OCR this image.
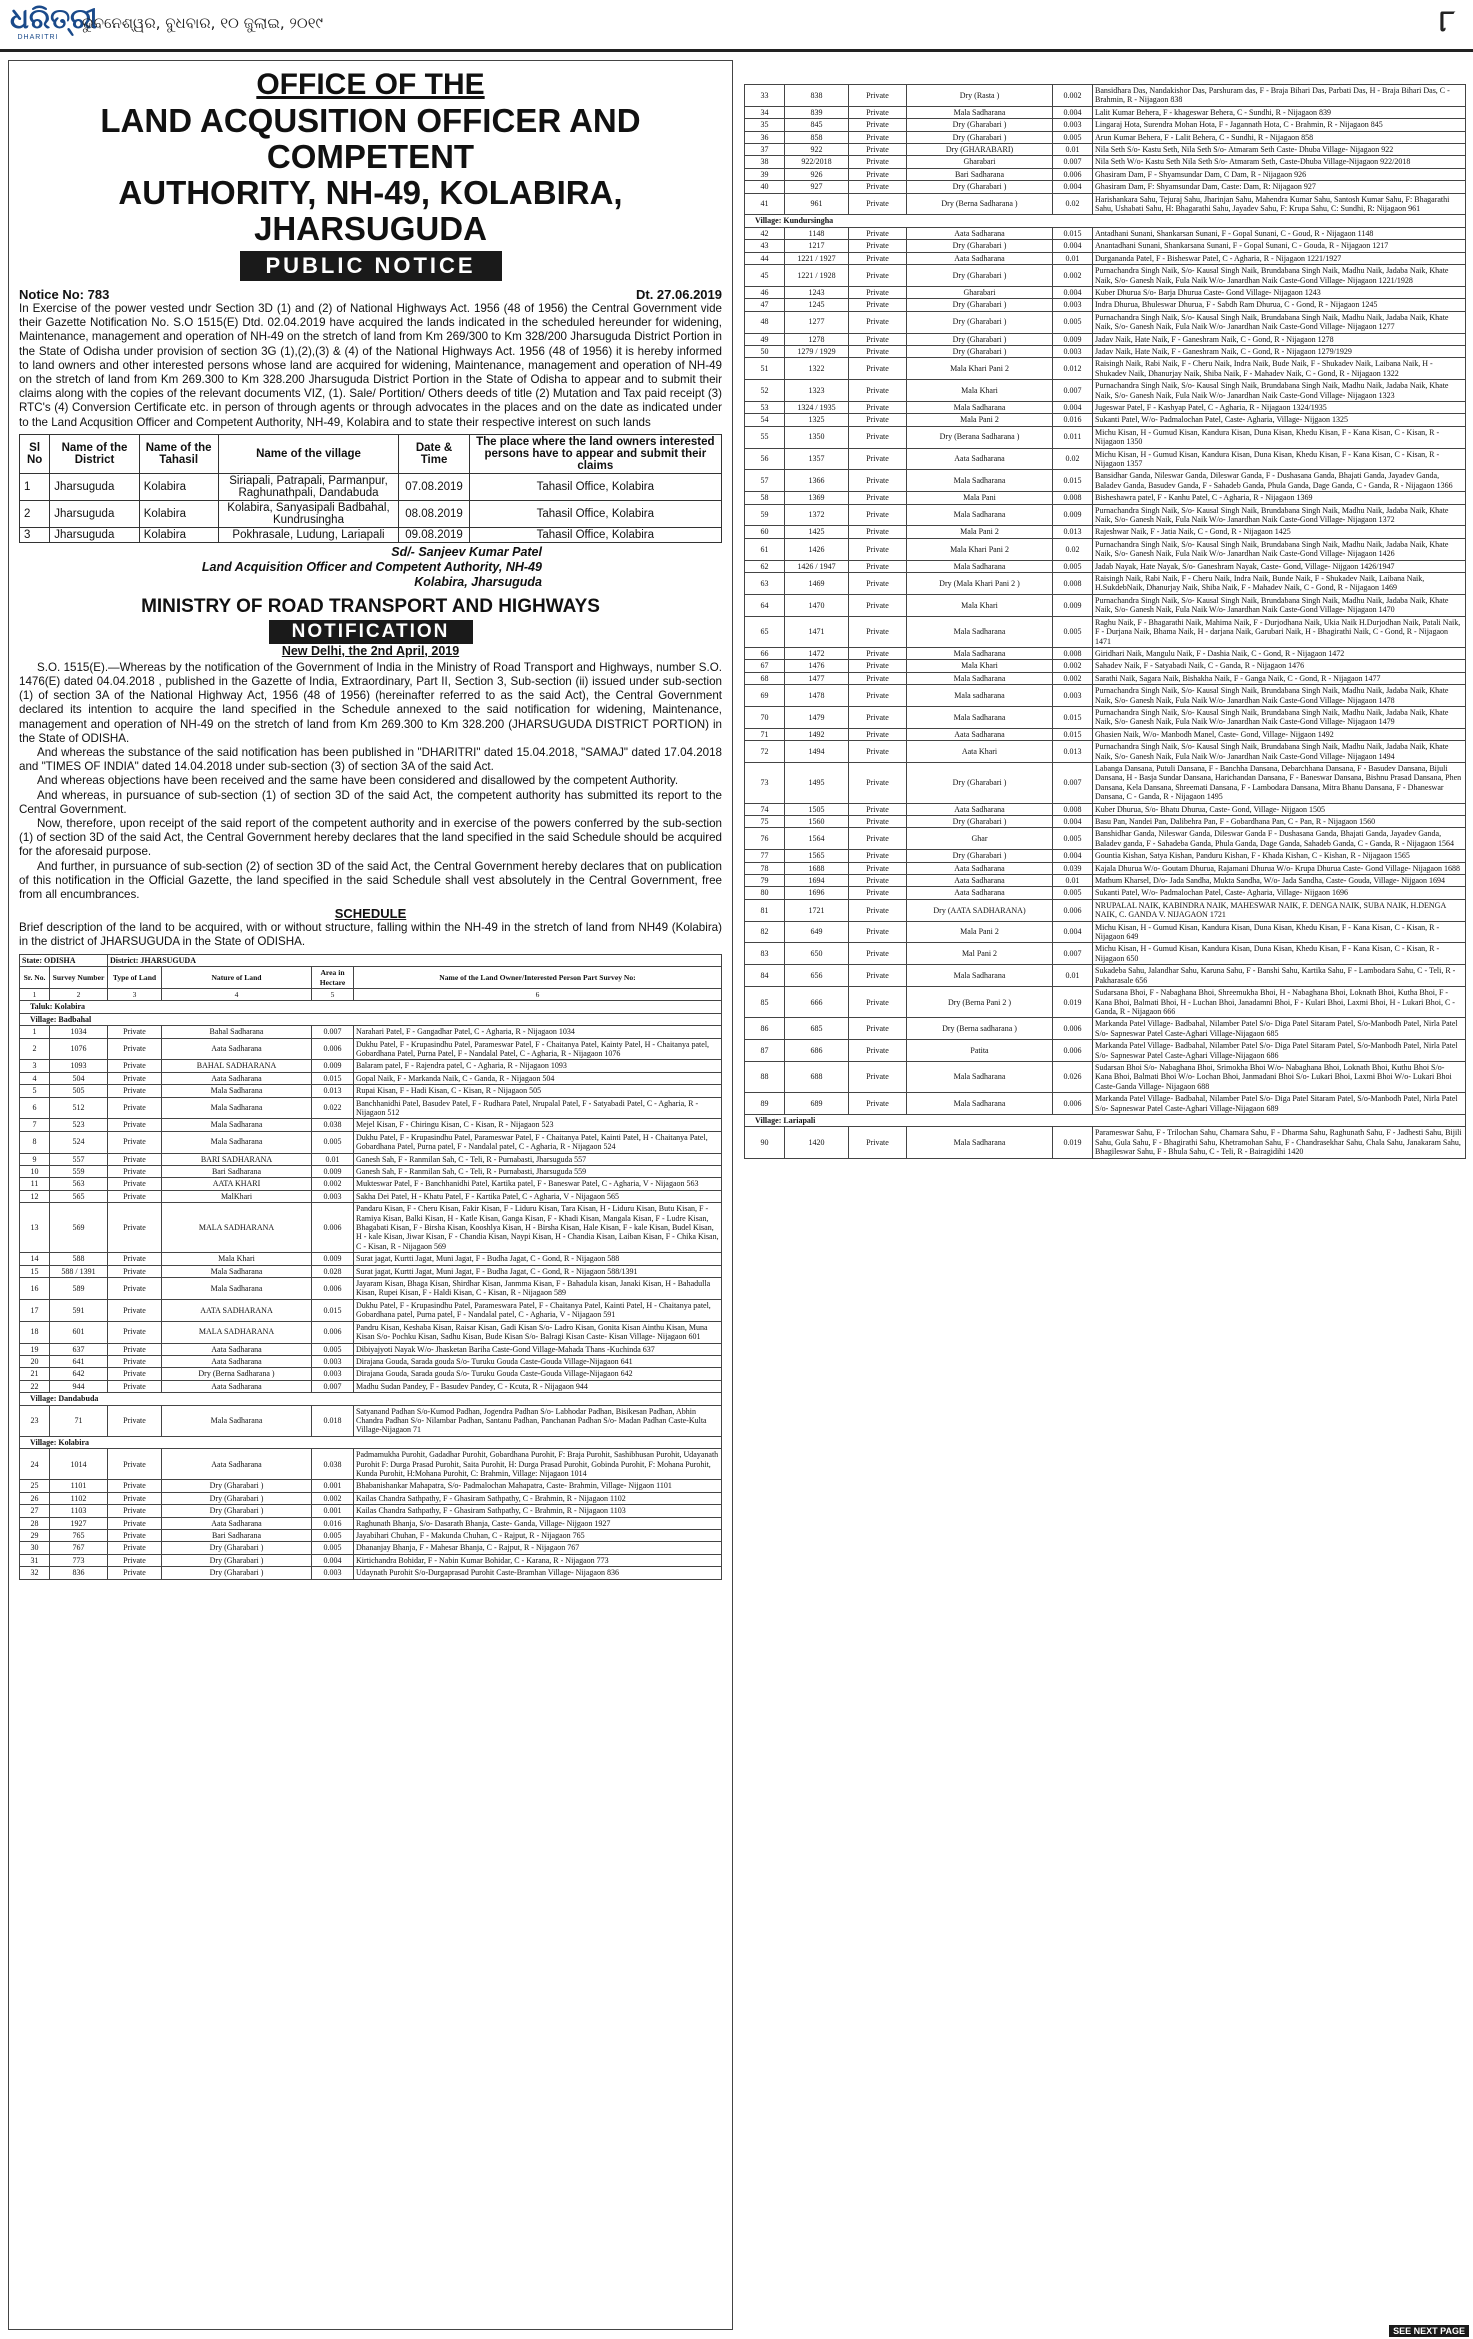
ଧରିତ୍ରୀ
DHARITRI
ଭୁବନେଶ୍ୱର, ବୁଧବାର, ୧୦ ଜୁଲାଇ, ୨୦୧୯	୮
OFFICE OF THE
LAND ACQUSITION OFFICER AND COMPETENT
AUTHORITY, NH-49, KOLABIRA, JHARSUGUDA
PUBLIC NOTICE
Notice No: 783	Dt. 27.06.2019
In Exercise of the power vested undr Section 3D (1) and (2) of National Highways Act. 1956 (48 of 1956) the Central Government vide their Gazette Notification No. S.O 1515(E) Dtd. 02.04.2019 have acquired the lands indicated in the scheduled hereunder for widening, Maintenance, management and operation of NH-49 on the stretch of land from Km 269/300 to Km 328/200 Jharsuguda District Portion in the State of Odisha under provision of section 3G (1),(2),(3) & (4) of the National Highways Act. 1956 (48 of 1956) it is hereby informed to land owners and other interested persons whose land are acquired for widening, Maintenance, management and operation of NH-49 on the stretch of land from Km 269.300 to Km 328.200 Jharsuguda District Portion in the State of Odisha to appear and to submit their claims along with the copies of the relevant documents VIZ, (1). Sale/ Portition/ Others deeds of title (2) Mutation and Tax paid receipt (3) RTC's (4) Conversion Certificate etc. in person of through agents or through advocates in the places and on the date as indicated under to the Land Acqusition Officer and Competent Authority, NH-49, Kolabira and to state their respective interest on such lands
Sl No	Name of the District	Name of the Tahasil	Name of the village	Date & Time	The place where the land owners interested persons have to appear and submit their claims
1	Jharsuguda	Kolabira	Siriapali, Patrapali, Parmanpur, Raghunathpali, Dandabuda	07.08.2019	Tahasil Office, Kolabira
2	Jharsuguda	Kolabira	Kolabira, Sanyasipali Badbahal, Kundrusingha	08.08.2019	Tahasil Office, Kolabira
3	Jharsuguda	Kolabira	Pokhrasale, Ludung, Lariapali	09.08.2019	Tahasil Office, Kolabira
Sd/- Sanjeev Kumar Patel
Land Acquisition Officer and Competent Authority, NH-49
Kolabira, Jharsuguda
MINISTRY OF ROAD TRANSPORT AND HIGHWAYS
NOTIFICATION
New Delhi, the 2nd April, 2019
S.O. 1515(E).—Whereas by the notification of the Government of India in the Ministry of Road Transport and Highways, number S.O. 1476(E) dated 04.04.2018 , published in the Gazette of India, Extraordinary, Part II, Section 3, Sub-section (ii) issued under sub-section (1) of section 3A of the National Highway Act, 1956 (48 of 1956) (hereinafter referred to as the said Act), the Central Government declared its intention to acquire the land specified in the Schedule annexed to the said notification for widening, Maintenance, management and operation of NH-49 on the stretch of land from Km 269.300 to Km 328.200 (JHARSUGUDA DISTRICT PORTION) in the State of ODISHA.
And whereas the substance of the said notification has been published in "DHARITRI" dated 15.04.2018, "SAMAJ" dated 17.04.2018 and "TIMES OF INDIA" dated 14.04.2018 under sub-section (3) of section 3A of the said Act.
And whereas objections have been received and the same have been considered and disallowed by the competent Authority.
And whereas, in pursuance of sub-section (1) of section 3D of the said Act, the competent authority has submitted its report to the Central Government.
Now, therefore, upon receipt of the said report of the competent authority and in exercise of the powers conferred by the sub-section (1) of section 3D of the said Act, the Central Government hereby declares that the land specified in the said Schedule should be acquired for the aforesaid purpose.
And further, in pursuance of sub-section (2) of section 3D of the said Act, the Central Government hereby declares that on publication of this notification in the Official Gazette, the land specified in the said Schedule shall vest absolutely in the Central Government, free from all encumbrances.
SCHEDULE
Brief description of the land to be acquired, with or without structure, falling within the NH-49 in the stretch of land from NH49 (Kolabira) in the district of JHARSUGUDA in the State of ODISHA.
State: ODISHA		District: JHARSUGUDA			
Sr. No.	Survey Number	Type of Land	Nature of Land	Area in Hectare	Name of the Land Owner/Interested Person Part Survey No:
1	2	3	4	5	6
Taluk: Kolabira					
Village: Badbahal					
1	1034	Private	Bahal Sadharana	0.007	Narahari Patel, F - Gangadhar Patel, C - Agharia, R - Nijagaon 1034
2	1076	Private	Aata Sadharana	0.006	Dukhu Patel, F - Krupasindhu Patel, Parameswar Patel, F - Chaitanya Patel, Kainty Patel, H - Chaitanya patel, Gobardhana Patel, Purna Patel, F - Nandalal Patel, C - Agharia, R - Nijagaon 1076
3	1093	Private	BAHAL SADHARANA	0.009	Balaram patel, F - Rajendra patel, C - Agharia, R - Nijagaon 1093
4	504	Private	Aata Sadharana	0.015	Gopal Naik, F - Markanda Naik, C - Ganda, R - Nijagaon 504
5	505	Private	Mala Sadharana	0.013	Rupai Kisan, F - Hadi Kisan, C - Kisan, R - Nijagaon 505
6	512	Private	Mala Sadharana	0.022	Banchhanidhi Patel, Basudev Patel, F - Rudhara Patel, Nrupalal Patel, F - Satyabadi Patel, C - Agharia, R - Nijagaon 512
7	523	Private	Mala Sadharana	0.038	Mejel Kisan, F - Chiringu Kisan, C - Kisan, R - Nijagaon 523
8	524	Private	Mala Sadharana	0.005	Dukhu Patel, F - Krupasindhu Patel, Parameswar Patel, F - Chaitanya Patel, Kainti Patel, H - Chaitanya Patel, Gobardhana Patel, Purna patel, F - Nandalal patel, C - Agharia, R - Nijagaon 524
9	557	Private	BARI SADHARANA	0.01	Ganesh Sah, F - Ranmilan Sah, C - Teli, R - Purnabasti, Jharsuguda 557
10	559	Private	Bari Sadharana	0.009	Ganesh Sah, F - Ranmilan Sah, C - Teli, R - Purnabasti, Jharsuguda 559
11	563	Private	AATA KHARI	0.002	Mukteswar Patel, F - Banchhanidhi Patel, Kartika patel, F - Baneswar Patel, C - Agharia, V - Nijagaon 563
12	565	Private	MalKhari	0.003	Sakha Dei Patel, H - Khatu Patel, F - Kartika Patel, C - Agharia, V - Nijagaon 565
13	569	Private	MALA SADHARANA	0.006	Pandaru Kisan, F - Cheru Kisan, Fakir Kisan, F - Liduru Kisan, Tara Kisan, H - Liduru Kisan, Butu Kisan, F - Ramiya Kisan, Balki Kisan, H - Katle Kisan, Ganga Kisan, F - Khadi Kisan, Mangala Kisan, F - Ludre Kisan, Bhagabati Kisan, F - Birsha Kisan, Kooshlya Kisan, H - Birsha Kisan, Hale Kisan, F - kale Kisan, Budel Kisan, H - kale Kisan, Jiwar Kisan, F - Chandia Kisan, Naypi Kisan, H - Chandia Kisan, Laiban Kisan, F - Chika Kisan, C - Kisan, R - Nijagaon 569
14	588	Private	Mala Khari	0.009	Surat jagat, Kurtti Jagat, Muni Jagat, F - Budha Jagat, C - Gond, R - Nijagaon 588
15	588 / 1391	Private	Mala Sadharana	0.028	Surat jagat, Kurtti Jagat, Muni Jagat, F - Budha Jagat, C - Gond, R - Nijagaon 588/1391
16	589	Private	Mala Sadharana	0.006	Jayaram Kisan, Bhaga Kisan, Shirdhar Kisan, Janmma Kisan, F - Bahadula kisan, Janaki Kisan, H - Bahadulla Kisan, Rupei Kisan, F - Haldi Kisan, C - Kisan, R - Nijagaon 589
17	591	Private	AATA SADHARANA	0.015	Dukhu Patel, F - Krupasindhu Patel, Parameswara Patel, F - Chaitanya Patel, Kainti Patel, H - Chaitanya patel, Gobardhana patel, Purna patel, F - Nandalal patel, C - Agharia, V - Nijagaon 591
18	601	Private	MALA SADHARANA	0.006	Pandru Kisan, Keshaba Kisan, Raisar Kisan, Gadi Kisan S/o- Ladro Kisan, Gonita Kisan Ainthu Kisan, Muna Kisan S/o- Pochku Kisan, Sadhu Kisan, Bude Kisan S/o- Balragi Kisan Caste- Kisan Village- Nijagaon 601
19	637	Private	Aata Sadharana	0.005	Dibiyajyoti Nayak W/o- Jhasketan Bariha Caste-Gond Village-Mahada Thans -Kuchinda 637
20	641	Private	Aata Sadharana	0.003	Dirajana Gouda, Sarada gouda S/o- Turuku Gouda Caste-Gouda Village-Nijagaon 641
21	642	Private	Dry (Berna Sadharana )	0.003	Dirajana Gouda, Sarada gouda S/o- Turuku Gouda Caste-Gouda Village-Nijagaon 642
22	944	Private	Aata Sadharana	0.007	Madhu Sudan Pandey, F - Basudev Pandey, C - Kcuta, R - Nijagaon 944
Village: Dandabuda					
23	71	Private	Mala Sadharana	0.018	Satyanand Padhan S/o-Kumod Padhan, Jogendra Padhan S/o- Labhodar Padhan, Bisikesan Padhan, Abhin Chandra Padhan S/o- Nilambar Padhan, Santanu Padhan, Panchanan Padhan S/o- Madan Padhan Caste-Kulta Village-Nijagaon 71
Village: Kolabira					
24	1014	Private	Aata Sadharana	0.038	Padmamukha Purohit, Gadadhar Purohit, Gobardhana Purohit, F: Braja Purohit, Sashibhusan Purohit, Udayanath Purohit F: Durga Prasad Purohit, Saita Purohit, H: Durga Prasad Purohit, Gobinda Purohit, F: Mohana Purohit, Kunda Purohit, H:Mohana Purohit, C: Brahmin, Village: Nijagaon 1014
25	1101	Private	Dry (Gharabari )	0.001	Bhabanishankar Mahapatra, S/o- Padmalochan Mahapatra, Caste- Brahmin, Village- Nijgaon 1101
26	1102	Private	Dry (Gharabari )	0.002	Kailas Chandra Sathpathy, F - Ghasiram Sathpathy, C - Brahmin, R - Nijagaon 1102
27	1103	Private	Dry (Gharabari )	0.001	Kailas Chandra Sathpathy, F - Ghasiram Sathpathy, C - Brahmin, R - Nijagaon 1103
28	1927	Private	Aata Sadharana	0.016	Raghunath Bhanja, S/o- Dasarath Bhanja, Caste- Ganda, Village- Nijgaon 1927
29	765	Private	Bari Sadharana	0.005	Jayabihari Chuhan, F - Makunda Chuhan, C - Rajput, R - Nijagaon 765
30	767	Private	Dry (Gharabari )	0.005	Dhananjay Bhanja, F - Mahesar Bhanja, C - Rajput, R - Nijagaon 767
31	773	Private	Dry (Gharabari )	0.004	Kirtichandra Bohidar, F - Nabin Kumar Bohidar, C - Karana, R - Nijagaon 773
32	836	Private	Dry (Gharabari )	0.003	Udaynath Purohit S/o-Durgaprasad Purohit Caste-Bramhan Village- Nijagaon 836
33	838	Private	Dry (Rasta )	0.002	Bansidhara Das, Nandakishor Das, Parshuram das, F - Braja Bihari Das, Parbati Das, H - Braja Bihari Das, C - Brahmin, R - Nijagaon 838
34	839	Private	Mala Sadharana	0.004	Lalit Kumar Behera, F - khageswar Behera, C - Sundhi, R - Nijagaon 839
35	845	Private	Dry (Gharabari )	0.003	Lingaraj Hota, Surendra Mohan Hota, F - Jagannath Hota, C - Brahmin, R - Nijagaon 845
36	858	Private	Dry (Gharabari )	0.005	Arun Kumar Behera, F - Lalit Behera, C - Sundhi, R - Nijagaon 858
37	922	Private	Dry (GHARABARI)	0.01	Nila Seth S/o- Kastu Seth, Nila Seth S/o- Atmaram Seth Caste- Dhuba Village- Nijagaon 922
38	922/2018	Private	Gharabari	0.007	Nila Seth W/o- Kastu Seth Nila Seth S/o- Atmaram Seth, Caste-Dhuba Village-Nijagaon 922/2018
39	926	Private	Bari Sadharana	0.006	Ghasiram Dam, F - Shyamsundar Dam, C Dam, R - Nijagaon 926
40	927	Private	Dry (Gharabari )	0.004	Ghasiram Dam, F: Shyamsundar Dam, Caste: Dam, R: Nijagaon 927
41	961	Private	Dry (Berna Sadharana )	0.02	Harishankara Sahu, Tejuraj Sahu, Jharinjan Sahu, Mahendra Kumar Sahu, Santosh Kumar Sahu, F: Bhagarathi Sahu, Ushabati Sahu, H: Bhagarathi Sahu, Jayadev Sahu, F: Krupa Sahu, C: Sundhi, R: Nijagaon 961
Village: Kundursingha					
42	1148	Private	Aata Sadharana	0.015	Antadhani Sunani, Shankarsan Sunani, F - Gopal Sunani, C - Goud, R - Nijagaon 1148
43	1217	Private	Dry (Gharabari )	0.004	Anantadhani Sunani, Shankarsana Sunani, F - Gopal Sunani, C - Gouda, R - Nijagaon 1217
44	1221 / 1927	Private	Aata Sadharana	0.01	Durgananda Patel, F - Bisheswar Patel, C - Agharia, R - Nijagaon 1221/1927
45	1221 / 1928	Private	Dry (Gharabari )	0.002	Purnachandra Singh Naik, S/o- Kausal Singh Naik, Brundabana Singh Naik, Madhu Naik, Jadaba Naik, Khate Naik, S/o- Ganesh Naik, Fula Naik W/o- Janardhan Naik Caste-Gond Village- Nijagaon 1221/1928
46	1243	Private	Gharabari	0.004	Kuber Dhurua S/o- Barja Dhurua Caste- Gond Village- Nijagaon 1243
47	1245	Private	Dry (Gharabari )	0.003	Indra Dhurua, Bhuleswar Dhurua, F - Sabdh Ram Dhurua, C - Gond, R - Nijagaon 1245
48	1277	Private	Dry (Gharabari )	0.005	Purnachandra Singh Naik, S/o- Kausal Singh Naik, Brundabana Singh Naik, Madhu Naik, Jadaba Naik, Khate Naik, S/o- Ganesh Naik, Fula Naik W/o- Janardhan Naik Caste-Gond Village- Nijagaon 1277
49	1278	Private	Dry (Gharabari )	0.009	Jadav Naik, Hate Naik, F - Ganeshram Naik, C - Gond, R - Nijagaon 1278
50	1279 / 1929	Private	Dry (Gharabari )	0.003	Jadav Naik, Hate Naik, F - Ganeshram Naik, C - Gond, R - Nijagaon 1279/1929
51	1322	Private	Mala Khari Pani 2	0.012	Raisingh Naik, Rabi Naik, F - Cheru Naik, Indra Naik, Bude Naik, F - Shukadev Naik, Laibana Naik, H - Shukadev Naik, Dhanurjay Naik, Shiba Naik, F - Mahadev Naik, C - Gond, R - Nijagaon 1322
52	1323	Private	Mala Khari	0.007	Purnachandra Singh Naik, S/o- Kausal Singh Naik, Brundabana Singh Naik, Madhu Naik, Jadaba Naik, Khate Naik, S/o- Ganesh Naik, Fula Naik W/o- Janardhan Naik Caste-Gond Village- Nijagaon 1323
53	1324 / 1935	Private	Mala Sadharana	0.004	Jugeswar Patel, F - Kashyap Patel, C - Agharia, R - Nijagaon 1324/1935
54	1325	Private	Mala Pani 2	0.016	Sukanti Patel, W/o- Padmalochan Patel, Caste- Agharia, Village- Nijgaon 1325
55	1350	Private	Dry (Berana Sadharana )	0.011	Michu Kisan, H - Gumud Kisan, Kandura Kisan, Duna Kisan, Khedu Kisan, F - Kana Kisan, C - Kisan, R - Nijagaon 1350
56	1357	Private	Aata Sadharana	0.02	Michu Kisan, H - Gumud Kisan, Kandura Kisan, Duna Kisan, Khedu Kisan, F - Kana Kisan, C - Kisan, R - Nijagaon 1357
57	1366	Private	Mala Sadharana	0.015	Bansidhar Ganda, Nileswar Ganda, Dileswar Ganda, F - Dushasana Ganda, Bhajati Ganda, Jayadev Ganda, Baladev Ganda, Basudev Ganda, F - Sahadeb Ganda, Phula Ganda, Dage Ganda, C - Ganda, R - Nijagaon 1366
58	1369	Private	Mala Pani	0.008	Bisheshawra patel, F - Kanhu Patel, C - Agharia, R - Nijagaon 1369
59	1372	Private	Mala Sadharana	0.009	Purnachandra Singh Naik, S/o- Kausal Singh Naik, Brundabana Singh Naik, Madhu Naik, Jadaba Naik, Khate Naik, S/o- Ganesh Naik, Fula Naik W/o- Janardhan Naik Caste-Gond Village- Nijagaon 1372
60	1425	Private	Mala Pani 2	0.013	Rajeshwar Naik, F - Jatia Naik, C - Gond, R - Nijagaon 1425
61	1426	Private	Mala Khari Pani 2	0.02	Purnachandra Singh Naik, S/o- Kausal Singh Naik, Brundabana Singh Naik, Madhu Naik, Jadaba Naik, Khate Naik, S/o- Ganesh Naik, Fula Naik W/o- Janardhan Naik Caste-Gond Village- Nijagaon 1426
62	1426 / 1947	Private	Mala Sadharana	0.005	Jadab Nayak, Hate Nayak, S/o- Ganeshram Nayak, Caste- Gond, Village- Nijgaon 1426/1947
63	1469	Private	Dry (Mala Khari Pani 2 )	0.008	Raisingh Naik, Rabi Naik, F - Cheru Naik, Indra Naik, Bunde Naik, F - Shukadev Naik, Laibana Naik, H.SukdebNaik, Dhanurjay Naik, Shiba Naik, F - Mahadev Naik, C - Gond, R - Nijagaon 1469
64	1470	Private	Mala Khari	0.009	Purnachandra Singh Naik, S/o- Kausal Singh Naik, Brundabana Singh Naik, Madhu Naik, Jadaba Naik, Khate Naik, S/o- Ganesh Naik, Fula Naik W/o- Janardhan Naik Caste-Gond Village- Nijagaon 1470
65	1471	Private	Mala Sadharana	0.005	Raghu Naik, F - Bhagarathi Naik, Mahima Naik, F - Durjodhana Naik, Ukia Naik H.Durjodhan Naik, Patali Naik, F - Durjana Naik, Bhama Naik, H - darjana Naik, Garubari Naik, H - Bhagirathi Naik, C - Gond, R - Nijagaon 1471
66	1472	Private	Mala Sadharana	0.008	Giridhari Naik, Mangulu Naik, F - Dashia Naik, C - Gond, R - Nijagaon 1472
67	1476	Private	Mala Khari	0.002	Sahadev Naik, F - Satyabadi Naik, C - Ganda, R - Nijagaon 1476
68	1477	Private	Mala Sadharana	0.002	Sarathi Naik, Sagara Naik, Bishakha Naik, F - Ganga Naik, C - Gond, R - Nijagaon 1477
69	1478	Private	Mala sadharana	0.003	Purnachandra Singh Naik, S/o- Kausal Singh Naik, Brundabana Singh Naik, Madhu Naik, Jadaba Naik, Khate Naik, S/o- Ganesh Naik, Fula Naik W/o- Janardhan Naik Caste-Gond Village- Nijagaon 1478
70	1479	Private	Mala Sadharana	0.015	Purnachandra Singh Naik, S/o- Kausal Singh Naik, Brundabana Singh Naik, Madhu Naik, Jadaba Naik, Khate Naik, S/o- Ganesh Naik, Fula Naik W/o- Janardhan Naik Caste-Gond Village- Nijagaon 1479
71	1492	Private	Aata Sadharana	0.015	Ghasien Naik, W/o- Manbodh Manel, Caste- Gond, Village- Nijgaon 1492
72	1494	Private	Aata Khari	0.013	Purnachandra Singh Naik, S/o- Kausal Singh Naik, Brundabana Singh Naik, Madhu Naik, Jadaba Naik, Khate Naik, S/o- Ganesh Naik, Fula Naik W/o- Janardhan Naik Caste-Gond Village- Nijagaon 1494
73	1495	Private	Dry (Gharabari )	0.007	Labanga Dansana, Putuli Dansana, F - Banchha Dansana, Debarchhana Dansana, F - Basudev Dansana, Bijuli Dansana, H - Basja Sundar Dansana, Harichandan Dansana, F - Baneswar Dansana, Bishnu Prasad Dansana, Phen Dansana, Kela Dansana, Shreemati Dansana, F - Lambodara Dansana, Mitra Bhanu Dansana, F - Dhaneswar Dansana, C - Ganda, R - Nijagaon 1495
74	1505	Private	Aata Sadharana	0.008	Kuber Dhurua, S/o- Bhatu Dhurua, Caste- Gond, Village- Nijgaon 1505
75	1560	Private	Dry (Gharabari )	0.004	Basu Pan, Nandei Pan, Dalibehra Pan, F - Gobardhana Pan, C - Pan, R - Nijagaon 1560
76	1564	Private	Ghar	0.005	Banshidhar Ganda, Nileswar Ganda, Dileswar Ganda F - Dushasana Ganda, Bhajati Ganda, Jayadev Ganda, Baladev ganda, F - Sahadeba Ganda, Phula Ganda, Dage Ganda, Sahadeb Ganda, C - Ganda, R - Nijagaon 1564
77	1565	Private	Dry (Gharabari )	0.004	Gountia Kishan, Satya Kishan, Panduru Kishan, F - Khada Kishan, C - Kishan, R - Nijagaon 1565
78	1688	Private	Aata Sadharana	0.039	Kajala Dhurua W/o- Goutam Dhurua, Rajamani Dhurua W/o- Krupa Dhurua Caste- Gond Village- Nijagaon 1688
79	1694	Private	Aata Sadharana	0.01	Mathum Kharsel, D/o- Jada Sandha, Mukta Sandha, W/o- Jada Sandha, Caste- Gouda, Village- Nijgaon 1694
80	1696	Private	Aata Sadharana	0.005	Sukanti Patel, W/o- Padmalochan Patel, Caste- Agharia, Village- Nijgaon 1696
81	1721	Private	Dry (AATA SADHARANA)	0.006	NRUPALAL NAIK, KABINDRA NAIK, MAHESWAR NAIK, F. DENGA NAIK, SUBA NAIK, H.DENGA NAIK, C. GANDA V. NIJAGAON 1721
82	649	Private	Mala Pani 2	0.004	Michu Kisan, H - Gumud Kisan, Kandura Kisan, Duna Kisan, Khedu Kisan, F - Kana Kisan, C - Kisan, R - Nijagaon 649
83	650	Private	Mal Pani 2	0.007	Michu Kisan, H - Gumud Kisan, Kandura Kisan, Duna Kisan, Khedu Kisan, F - Kana Kisan, C - Kisan, R - Nijagaon 650
84	656	Private	Mala Sadharana	0.01	Sukadeba Sahu, Jalandhar Sahu, Karuna Sahu, F - Banshi Sahu, Kartika Sahu, F - Lambodara Sahu, C - Teli, R - Pakharasale 656
85	666	Private	Dry (Berna Pani 2 )	0.019	Sudarsana Bhoi, F - Nabaghana Bhoi, Shreemukha Bhoi, H - Nabaghana Bhoi, Loknath Bhoi, Kutha Bhoi, F - Kana Bhoi, Balmati Bhoi, H - Luchan Bhoi, Janadamni Bhoi, F - Kulari Bhoi, Laxmi Bhoi, H - Lukari Bhoi, C - Ganda, R - Nijagaon 666
86	685	Private	Dry (Berna sadharana )	0.006	Markanda Patel Village- Badbahal, Nilamber Patel S/o- Diga Patel Sitaram Patel, S/o-Manbodh Patel, Nirla Patel S/o- Sapneswar Patel Caste-Aghari Village-Nijagaon 685
87	686	Private	Patita	0.006	Markanda Patel Village- Badbahal, Nilamber Patel S/o- Diga Patel Sitaram Patel, S/o-Manbodh Patel, Nirla Patel S/o- Sapneswar Patel Caste-Aghari Village-Nijagaon 686
88	688	Private	Mala Sadharana	0.026	Sudarsan Bhoi S/o- Nabaghana Bhoi, Srimokha Bhoi W/o- Nabaghana Bhoi, Loknath Bhoi, Kuthu Bhoi S/o- Kana Bhoi, Balmati Bhoi W/o- Lochan Bhoi, Janmadani Bhoi S/o- Lukari Bhoi, Laxmi Bhoi W/o- Lukari Bhoi Caste-Ganda Village- Nijagaon 688
89	689	Private	Mala Sadharana	0.006	Markanda Patel Village- Badbahal, Nilamber Patel S/o- Diga Patel Sitaram Patel, S/o-Manbodh Patel, Nirla Patel S/o- Sapneswar Patel Caste-Aghari Village-Nijagaon 689
Village: Lariapali					
90	1420	Private	Mala Sadharana	0.019	Parameswar Sahu, F - Trilochan Sahu, Chamara Sahu, F - Dharma Sahu, Raghunath Sahu, F - Jadhesti Sahu, Bijili Sahu, Gula Sahu, F - Bhagirathi Sahu, Khetramohan Sahu, F - Chandrasekhar Sahu, Chala Sahu, Janakaram Sahu, Bhagileswar Sahu, F - Bhula Sahu, C - Teli, R - Bairagidihi 1420
SEE NEXT PAGE
